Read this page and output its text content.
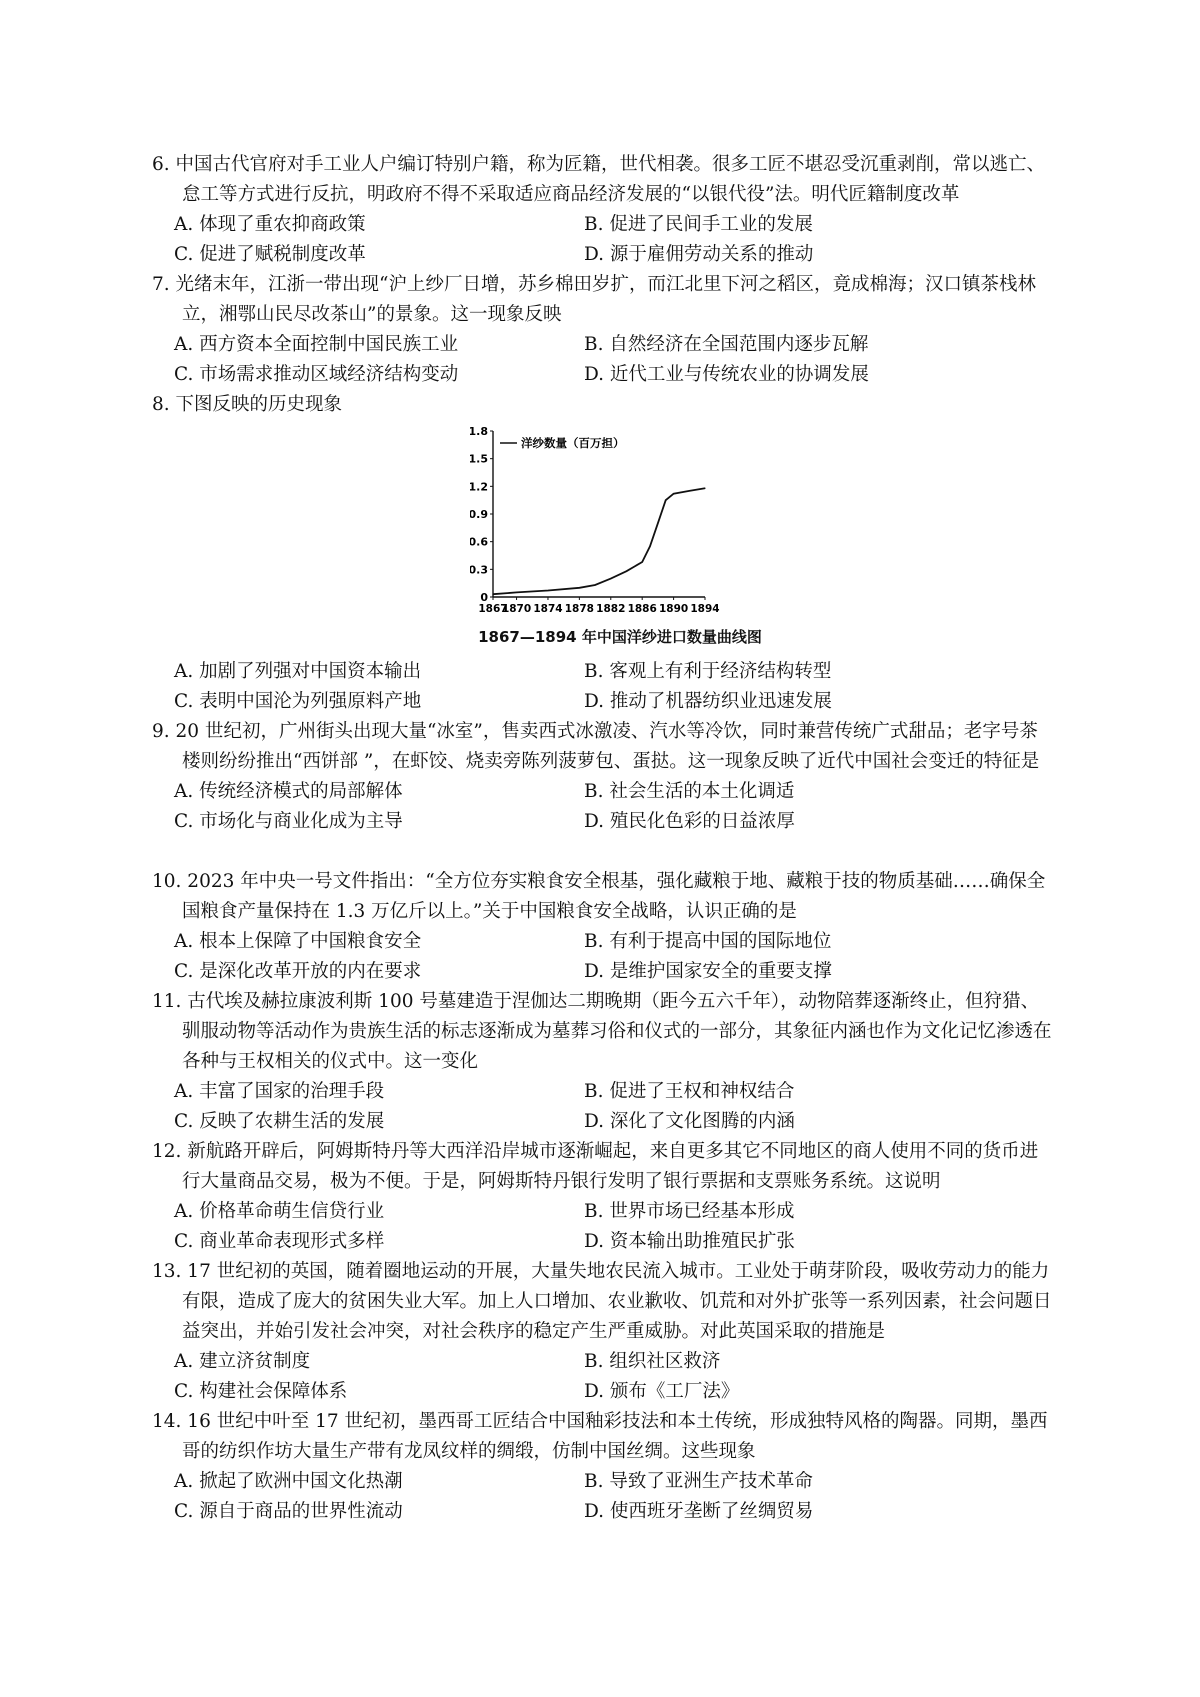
6. 中国古代官府对手工业人户编订特别户籍，称为匠籍，世代相袭。很多工匠不堪忍受沉重剥削，常以逃亡、怠工等方式进行反抗，明政府不得不采取适应商品经济发展的“以银代役”法。明代匠籍制度改革

A. 体现了重农抑商政策	B. 促进了民间手工业的发展
C. 促进了赋税制度改革	D. 源于雇佣劳动关系的推动

7. 光绪末年，江浙一带出现“沪上纱厂日增，苏乡棉田岁扩，而江北里下河之稻区，竟成棉海；汉口镇茶栈林立，湘鄂山民尽改茶山”的景象。这一现象反映

A. 西方资本全面控制中国民族工业	B. 自然经济在全国范围内逐步瓦解
C. 市场需求推动区域经济结构变动	D. 近代工业与传统农业的协调发展

8. 下图反映的历史现象

0
0.3
0.6
0.9
1.2
1.5
1.8
1867
1870 1874 1878 1882 1886 1890 1894
洋纱数量（百万担）
1867—1894 年中国洋纱进口数量曲线图
A. 加剧了列强对中国资本输出	B. 客观上有利于经济结构转型
C. 表明中国沦为列强原料产地	D. 推动了机器纺织业迅速发展

9. 20 世纪初，广州街头出现大量“冰室”，售卖西式冰激凌、汽水等冷饮，同时兼营传统广式甜品；老字号茶楼则纷纷推出“西饼部 ”，在虾饺、烧卖旁陈列菠萝包、蛋挞。这一现象反映了近代中国社会变迁的特征是

A. 传统经济模式的局部解体	B. 社会生活的本土化调适
C. 市场化与商业化成为主导	D. 殖民化色彩的日益浓厚

10. 2023 年中央一号文件指出：“全方位夯实粮食安全根基，强化藏粮于地、藏粮于技的物质基础……确保全国粮食产量保持在 1.3 万亿斤以上。”关于中国粮食安全战略，认识正确的是

A. 根本上保障了中国粮食安全	B. 有利于提高中国的国际地位
C. 是深化改革开放的内在要求	D. 是维护国家安全的重要支撑

11. 古代埃及赫拉康波利斯 100 号墓建造于涅伽达二期晚期（距今五六千年），动物陪葬逐渐终止，但狩猎、驯服动物等活动作为贵族生活的标志逐渐成为墓葬习俗和仪式的一部分，其象征内涵也作为文化记忆渗透在各种与王权相关的仪式中。这一变化

A. 丰富了国家的治理手段	B. 促进了王权和神权结合
C. 反映了农耕生活的发展	D. 深化了文化图腾的内涵

12. 新航路开辟后，阿姆斯特丹等大西洋沿岸城市逐渐崛起，来自更多其它不同地区的商人使用不同的货币进行大量商品交易，极为不便。于是，阿姆斯特丹银行发明了银行票据和支票账务系统。这说明

A. 价格革命萌生信贷行业	B. 世界市场已经基本形成
C. 商业革命表现形式多样	D. 资本输出助推殖民扩张

13. 17 世纪初的英国，随着圈地运动的开展，大量失地农民流入城市。工业处于萌芽阶段，吸收劳动力的能力有限，造成了庞大的贫困失业大军。加上人口增加、农业歉收、饥荒和对外扩张等一系列因素，社会问题日益突出，并始引发社会冲突，对社会秩序的稳定产生严重威胁。对此英国采取的措施是

A. 建立济贫制度	B. 组织社区救济
C. 构建社会保障体系	D. 颁布《工厂法》

14. 16 世纪中叶至 17 世纪初，墨西哥工匠结合中国釉彩技法和本土传统，形成独特风格的陶器。同期，墨西哥的纺织作坊大量生产带有龙凤纹样的绸缎，仿制中国丝绸。这些现象

A. 掀起了欧洲中国文化热潮	B. 导致了亚洲生产技术革命
C. 源自于商品的世界性流动	D. 使西班牙垄断了丝绸贸易
